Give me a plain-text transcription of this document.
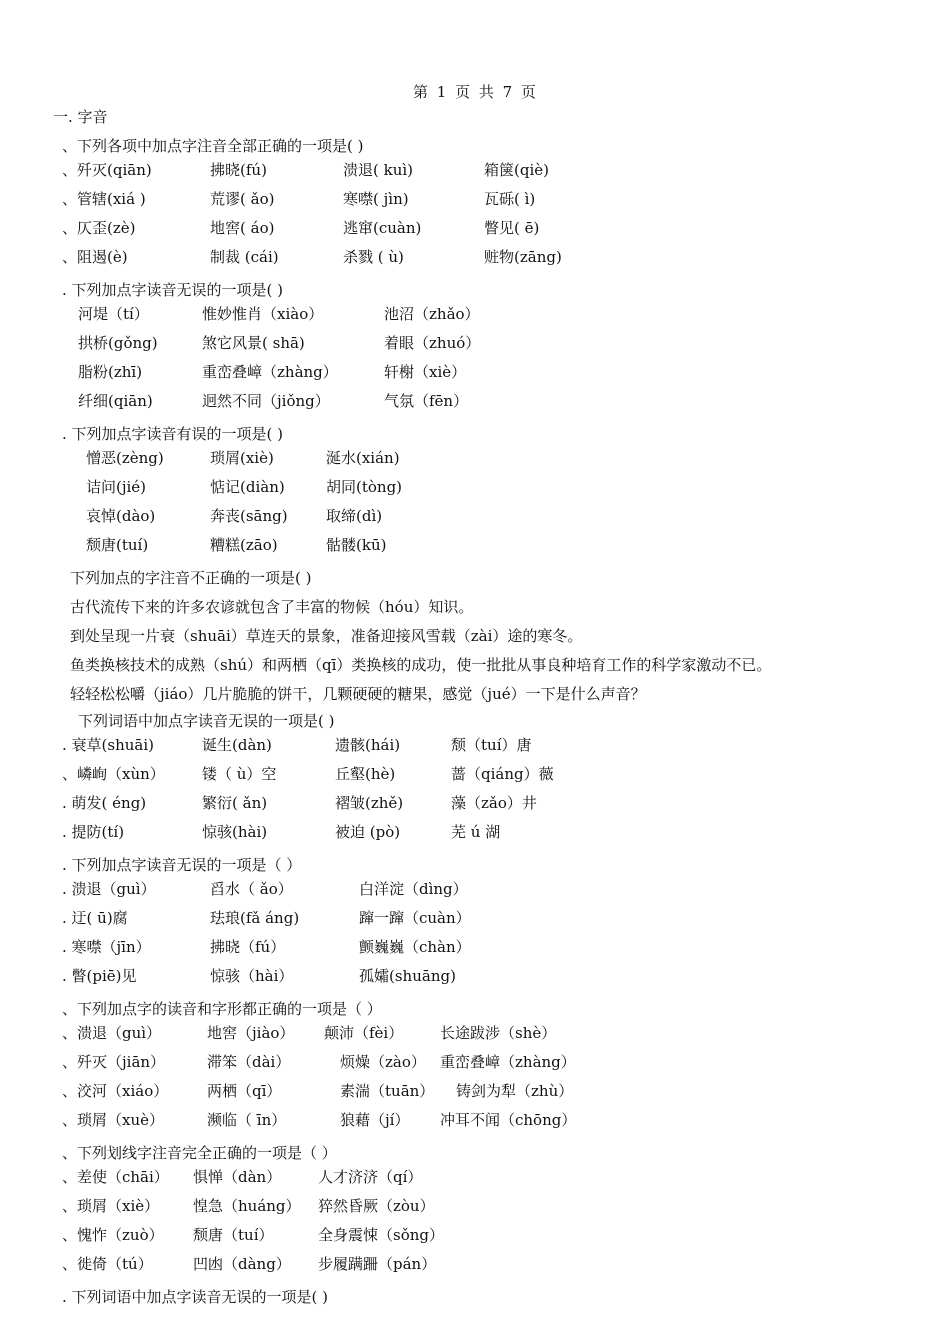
第 1 页 共 7 页
一. 字音
、下列各项中加点字注音全部正确的一项是( )
、歼灭(qiān)	拂晓(fú)	溃退( kuì)	箱箧(qiè)
、管辖(xiá )	荒谬( ǎo)	寒噤( jìn)	瓦砾( ì)
、仄歪(zè)	地窖( áo)	逃窜(cuàn)	瞥见( ē)
、阻遏(è)	制裁 (cái)	杀戮 ( ù)	赃物(zāng)
. 下列加点字读音无误的一项是( )
河堤（tí）	惟妙惟肖（xiào）	池沼（zhǎo）
拱桥(gǒng)	煞它风景( shā)	着眼（zhuó）
脂粉(zhī)	重峦叠嶂（zhàng）	轩榭（xiè）
纤细(qiān)	迥然不同（jiǒng）	气氛（fēn）
. 下列加点字读音有误的一项是( )
憎恶(zèng)	琐屑(xiè)	涎水(xián)
诘问(jié)	惦记(diàn)	胡同(tòng)
哀悼(dào)	奔丧(sāng)	取缔(dì)
颓唐(tuí)	糟糕(zāo)	骷髅(kū)
下列加点的字注音不正确的一项是( )
古代流传下来的许多农谚就包含了丰富的物候（hóu）知识。
到处呈现一片衰（shuāi）草连天的景象，准备迎接风雪载（zài）途的寒冬。
鱼类换核技术的成熟（shú）和两栖（qī）类换核的成功，使一批批从事良种培育工作的科学家激动不已。
轻轻松松嚼（jiáo）几片脆脆的饼干，几颗硬硬的糖果，感觉（jué）一下是什么声音？
下列词语中加点字读音无误的一项是( )
. 衰草(shuāi)	诞生(dàn)	遗骸(hái)	颓（tuí）唐
、嶙峋（xùn） 镂（ ù）空	丘壑(hè)	蔷（qiáng）薇
. 萌发( éng)	繁衍( ǎn)	褶皱(zhě)	藻（zǎo）井
. 提防(tí)	惊骇(hài)	被迫 (pò)	芜 ú 湖
. 下列加点字读音无误的一项是（ ）
. 溃退（guì）	舀水（ ǎo）	白洋淀（dìng）
. 迂( ū)腐	珐琅(fǎ áng)	蹿一蹿（cuàn）
. 寒噤（jīn）	拂晓（fú）	颤巍巍（chàn）
. 瞥(piē)见	惊骇（hài）	孤孀(shuāng)
、下列加点字的读音和字形都正确的一项是（ ）
、溃退（guì）	地窖（jiào） 颠沛（fèi） 长途跋涉（shè）
、歼灭（jiān）	滞笨（dài）	烦燥（zào） 重峦叠嶂（zhàng）
、洨河（xiáo）	两栖（qī）	素湍（tuān） 铸剑为犁（zhù）
、琐屑（xuè）	濒临（ īn）	狼藉（jí） 冲耳不闻（chōng）
、下列划线字注音完全正确的一项是（ ）
、差使（chāi） 惧惮（dàn） 人才济济（qí）
、琐屑（xiè） 惶急（huáng） 猝然昏厥（zòu）
、愧怍（zuò） 颓唐（tuí）	全身震悚（sǒng）
、徙倚（tú）	凹凼（dàng） 步履蹒跚（pán）
. 下列词语中加点字读音无误的一项是( )
